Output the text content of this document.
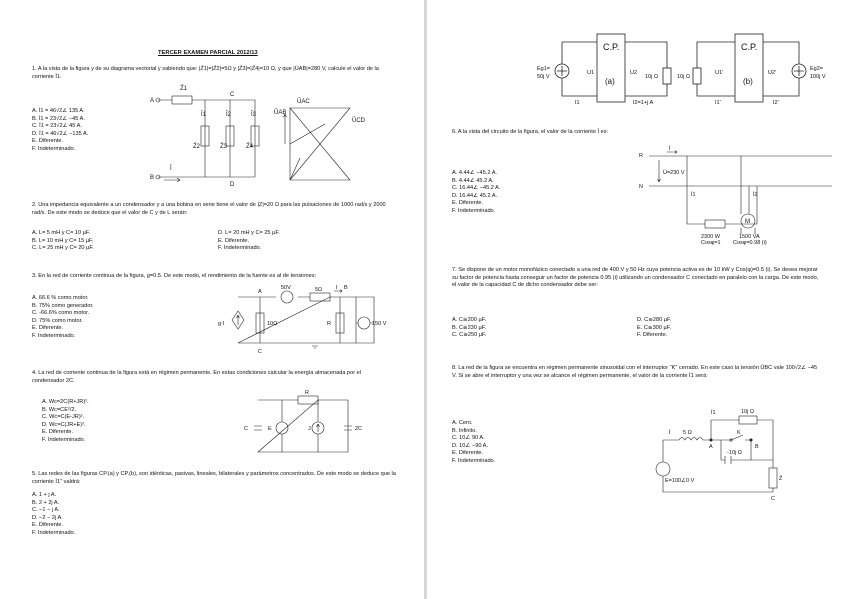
TERCER EXAMEN PARCIAL 2012/13

1. A la vista de la figura y de su diagrama vectorial y sabiendo que: |Z̄1|=|Z̄2|=5Ω y |Z̄3|=|Z̄4|=10 Ω, y que |ŪAB|=280 V, calcule el valor de la corriente Ī1.

A. Ī1 = 46√2∠ 135 A.
B. Ī1 = 23√2∠ −45 A.
C. Ī1 = 23√2∠ 45 A.
D. Ī1 = 46√2∠ −135 A.
E. Diferente.
F. Indeterminado.
A
B
C
D
Z̄1
Z̄2	Z̄3	Z̄4
Ī
Ī1	Ī2	Ī3	ŪAB
ŪAC
ŪCD

2. Una impedancia equivalente a un condensador y a una bobina en serie tiene el valor de |Z|=20 Ω para las pulsaciones de 1000 rad/s y 2000 rad/s. De este modo se deduce que el valor de C y de L serán:

A. L= 5 mH y C= 10 µF.
B. L= 10 mH y C= 15 µF.
C. L= 25 mH y C= 20 µF.
D. L= 20 mH y C= 25 µF.
E. Diferente.
F. Indeterminado.

3. En la red de corriente continua de la figura, g=0.5. De este modo, el rendimiento de la fuente es al de tensiones:

A. 66.6 % como motor.
B. 75% como generador.
C. -66.6% como motor.
D. 75% como motor.
E. Diferente.
F. Indeterminado.
50V	5Ω
10Ω
g·I
I B
A
C
R	150 V

4. La red de corriente continua de la figura está en régimen permanente. En estas condiciones calcular la energía almacenada por el condensador 2C.

A. Wc=2C(R+JR)².
B. Wc=CE²/2.
C. Wc=C(E-JR)².
D. Wc=C(JR+E)².
E. Diferente.
F. Indeterminado.
C	E	J
R
2C

5. Las redes de las figuras CP.(a) y CP.(b), son idénticas, pasivas, lineales, bilaterales y parámetros concentrados. De este modo se deduce que la corriente Ī1'' valdrá:

A. 1 + j A.
B. 2 + 2j A.
C. −1 − j A.
D. −2 − 2j A.
E. Diferente.
F. Indeterminado.
C.P.
(a)
C.P.
(b)
Eg1=
50j V
U1	U2
10j Ω
I1	I2=1+j A
10j Ω
U1'	U2'
Eg2=
100j V
I1'	I2'

6. A la vista del circuito de la figura, el valor de la corriente Ī es:

A. 4.44∠ −45.2 A.
B. 4.44∠ 45.2 A.
C. 16.44∠ −45.2 A.
D. 16.44∠ 45.2 A.
E. Diferente.
F. Indeterminado.
R
N
Ī
Ū=230 V
Ī1	Ī2
2300 W
Cosφ=1
M
1500 VA
Cosφ=0.98 (i)

7. Se dispone de un motor monofásico conectado a una red de 400 V y 50 Hz cuya potencia activa es de 10 kW y Cos(φ)=0.5 (i). Se desea mejorar su factor de potencia hasta conseguir un factor de potencia 0.95 (i) utilizando un condensador C conectado en paralelo con la carga. De este modo, el valor de la capacidad C de dicho condensador debe ser:

A. C≅200 µF.
B. C≅230 µF.
C. C≅250 µF.
D. C≅280 µF.
E. C≅300 µF.
F. Diferente.

8. La red de la figura se encuentra en régimen permanente sinusoidal con el interruptor "K" cerrado. En este caso la tensión ŪBC vale 100√2∠ −45 V. Si se abre el interruptor y una vez se alcance el régimen permanente, el valor de la corriente Ī1 será:

A. Cero.
B. Infinito.
C. 10∠ 90 A.
D. 10∠ −90 A.
E. Diferente.
F. Indeterminado.
Ī1	10j Ω
Ī 5 Ω	K
A	B
C
-10j Ω
Z̄
E=100∠0 V
